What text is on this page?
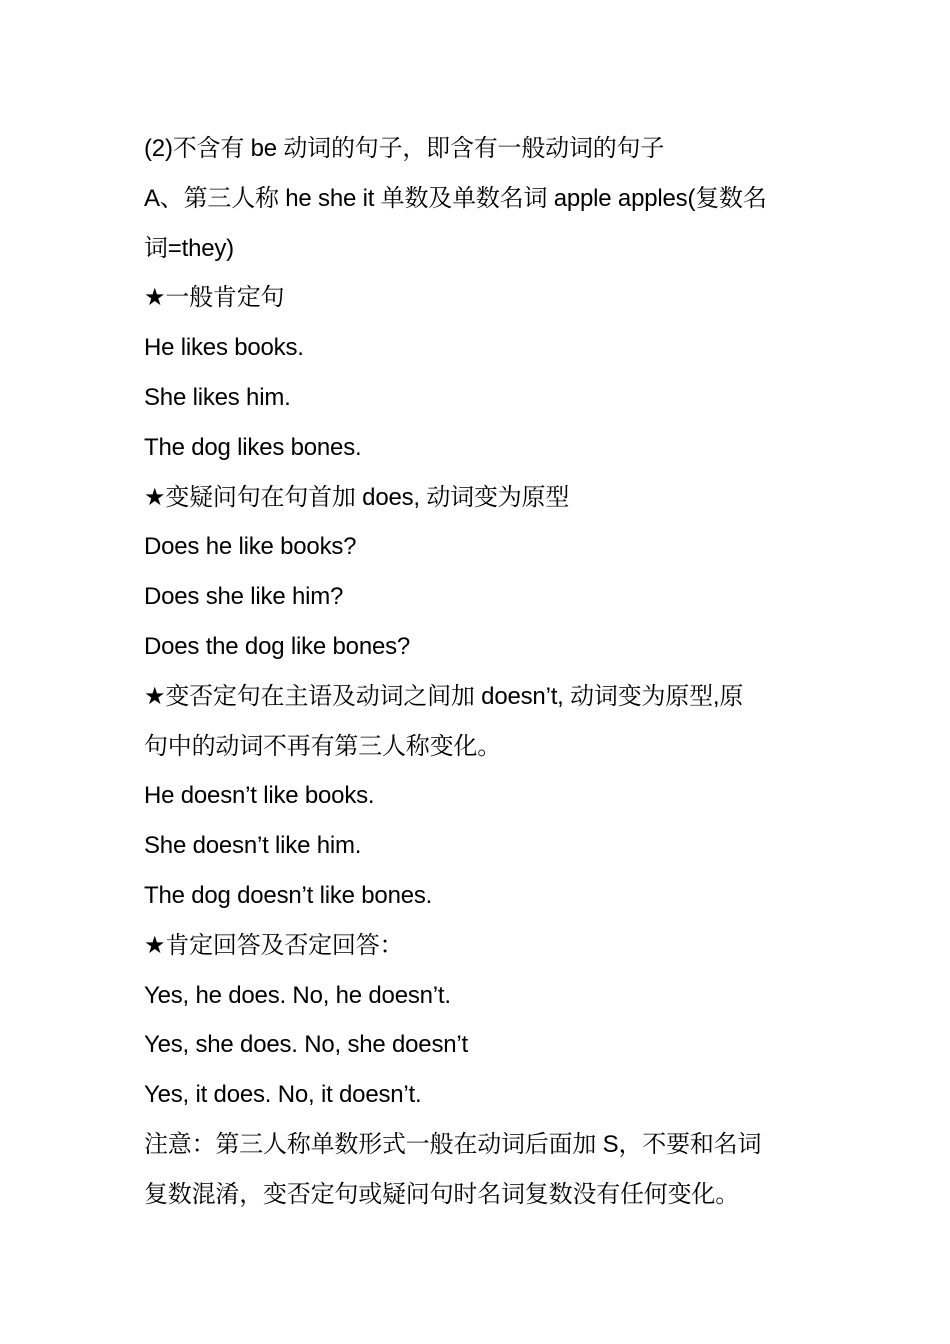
(2)不含有 be 动词的句子，即含有一般动词的句子
A、第三人称 he she it 单数及单数名词 apple apples(复数名
词=they)
★一般肯定句
He likes books.
She likes him.
The dog likes bones.
★变疑问句在句首加 does, 动词变为原型
Does he like books?
Does she like him?
Does the dog like bones?
★变否定句在主语及动词之间加 doesn’t, 动词变为原型,原
句中的动词不再有第三人称变化。
He doesn’t like books.
She doesn’t like him.
The dog doesn’t like bones.
★肯定回答及否定回答：
Yes, he does. No, he doesn’t.
Yes, she does. No, she doesn’t
Yes, it does. No, it doesn’t.
注意：第三人称单数形式一般在动词后面加 S，不要和名词
复数混淆，变否定句或疑问句时名词复数没有任何变化。
